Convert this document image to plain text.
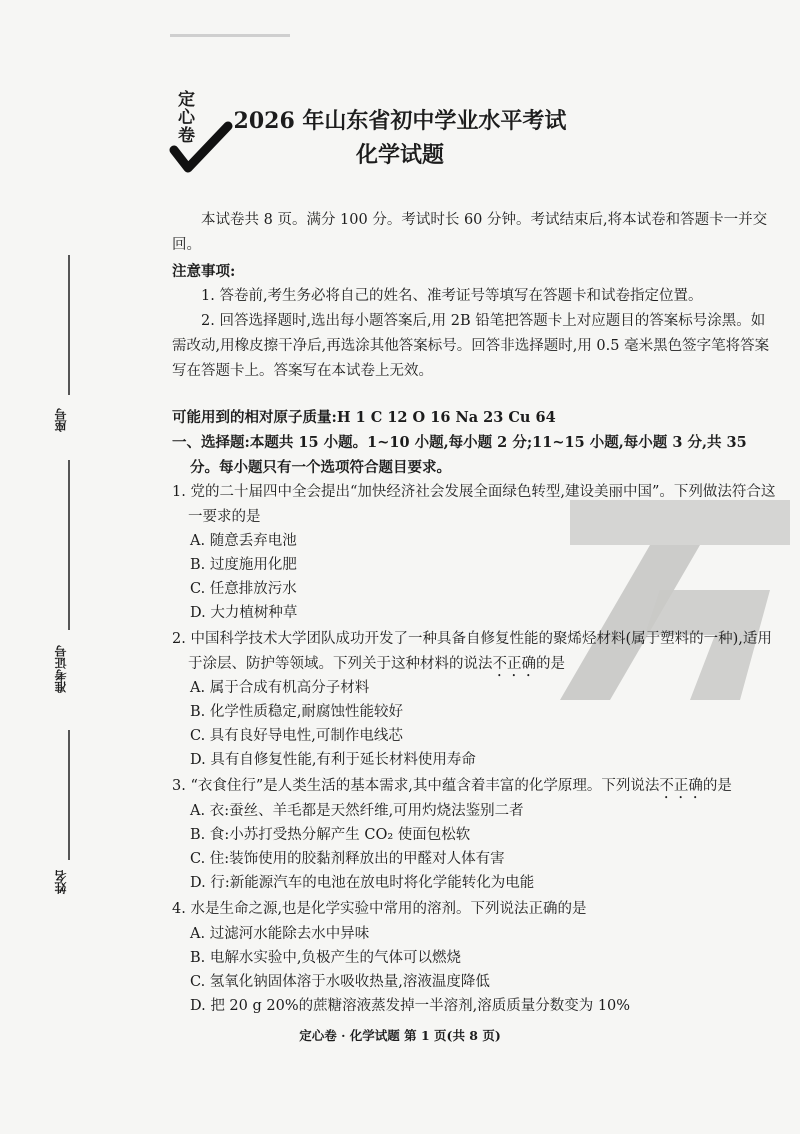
定心卷	2026 年山东省初中学业水平考试
化学试题
本试卷共 8 页。满分 100 分。考试时长 60 分钟。考试结束后,将本试卷和答题卡一并交回。
注意事项:
1. 答卷前,考生务必将自己的姓名、准考证号等填写在答题卡和试卷指定位置。
2. 回答选择题时,选出每小题答案后,用 2B 铅笔把答题卡上对应题目的答案标号涂黑。如需改动,用橡皮擦干净后,再选涂其他答案标号。回答非选择题时,用 0.5 毫米黑色签字笔将答案写在答题卡上。答案写在本试卷上无效。
可能用到的相对原子质量:H 1 C 12 O 16 Na 23 Cu 64
一、选择题:本题共 15 小题。1~10 小题,每小题 2 分;11~15 小题,每小题 3 分,共 35 分。每小题只有一个选项符合题目要求。
1. 党的二十届四中全会提出“加快经济社会发展全面绿色转型,建设美丽中国”。下列做法符合这一要求的是
A. 随意丢弃电池
B. 过度施用化肥
C. 任意排放污水
D. 大力植树种草
2. 中国科学技术大学团队成功开发了一种具备自修复性能的聚烯烃材料(属于塑料的一种),适用于涂层、防护等领域。下列关于这种材料的说法不正确的是
A. 属于合成有机高分子材料
B. 化学性质稳定,耐腐蚀性能较好
C. 具有良好导电性,可制作电线芯
D. 具有自修复性能,有利于延长材料使用寿命
3. “衣食住行”是人类生活的基本需求,其中蕴含着丰富的化学原理。下列说法不正确的是
A. 衣:蚕丝、羊毛都是天然纤维,可用灼烧法鉴别二者
B. 食:小苏打受热分解产生 CO₂ 使面包松软
C. 住:装饰使用的胶黏剂释放出的甲醛对人体有害
D. 行:新能源汽车的电池在放电时将化学能转化为电能
4. 水是生命之源,也是化学实验中常用的溶剂。下列说法正确的是
A. 过滤河水能除去水中异味
B. 电解水实验中,负极产生的气体可以燃烧
C. 氢氧化钠固体溶于水吸收热量,溶液温度降低
D. 把 20 g 20%的蔗糖溶液蒸发掉一半溶剂,溶质质量分数变为 10%
定心卷 · 化学试题 第 1 页(共 8 页)
座号
准考证号
姓名
